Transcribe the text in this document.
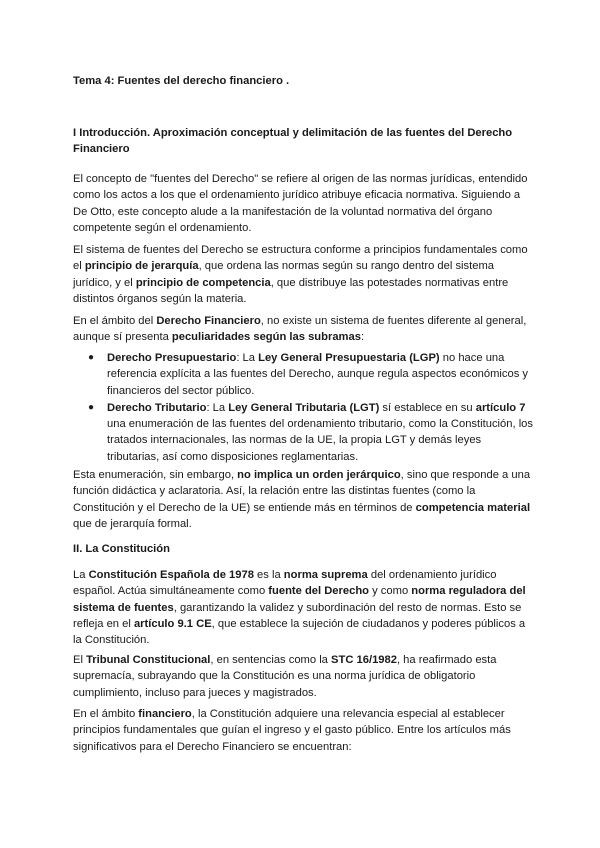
Tema 4: Fuentes del derecho financiero .
I Introducción. Aproximación conceptual y delimitación de las fuentes del Derecho Financiero

El concepto de "fuentes del Derecho" se refiere al origen de las normas jurídicas, entendido como los actos a los que el ordenamiento jurídico atribuye eficacia normativa. Siguiendo a De Otto, este concepto alude a la manifestación de la voluntad normativa del órgano competente según el ordenamiento.

El sistema de fuentes del Derecho se estructura conforme a principios fundamentales como el principio de jerarquía, que ordena las normas según su rango dentro del sistema jurídico, y el principio de competencia, que distribuye las potestades normativas entre distintos órganos según la materia.

En el ámbito del Derecho Financiero, no existe un sistema de fuentes diferente al general, aunque sí presenta peculiaridades según las subramas:

● Derecho Presupuestario: La Ley General Presupuestaria (LGP) no hace una referencia explícita a las fuentes del Derecho, aunque regula aspectos económicos y financieros del sector público.
● Derecho Tributario: La Ley General Tributaria (LGT) sí establece en su artículo 7 una enumeración de las fuentes del ordenamiento tributario, como la Constitución, los tratados internacionales, las normas de la UE, la propia LGT y demás leyes tributarias, así como disposiciones reglamentarias.

Esta enumeración, sin embargo, no implica un orden jerárquico, sino que responde a una función didáctica y aclaratoria. Así, la relación entre las distintas fuentes (como la Constitución y el Derecho de la UE) se entiende más en términos de competencia material que de jerarquía formal.

II. La Constitución

La Constitución Española de 1978 es la norma suprema del ordenamiento jurídico español. Actúa simultáneamente como fuente del Derecho y como norma reguladora del sistema de fuentes, garantizando la validez y subordinación del resto de normas. Esto se refleja en el artículo 9.1 CE, que establece la sujeción de ciudadanos y poderes públicos a la Constitución.

El Tribunal Constitucional, en sentencias como la STC 16/1982, ha reafirmado esta supremacía, subrayando que la Constitución es una norma jurídica de obligatorio cumplimiento, incluso para jueces y magistrados.

En el ámbito financiero, la Constitución adquiere una relevancia especial al establecer principios fundamentales que guían el ingreso y el gasto público. Entre los artículos más significativos para el Derecho Financiero se encuentran:
